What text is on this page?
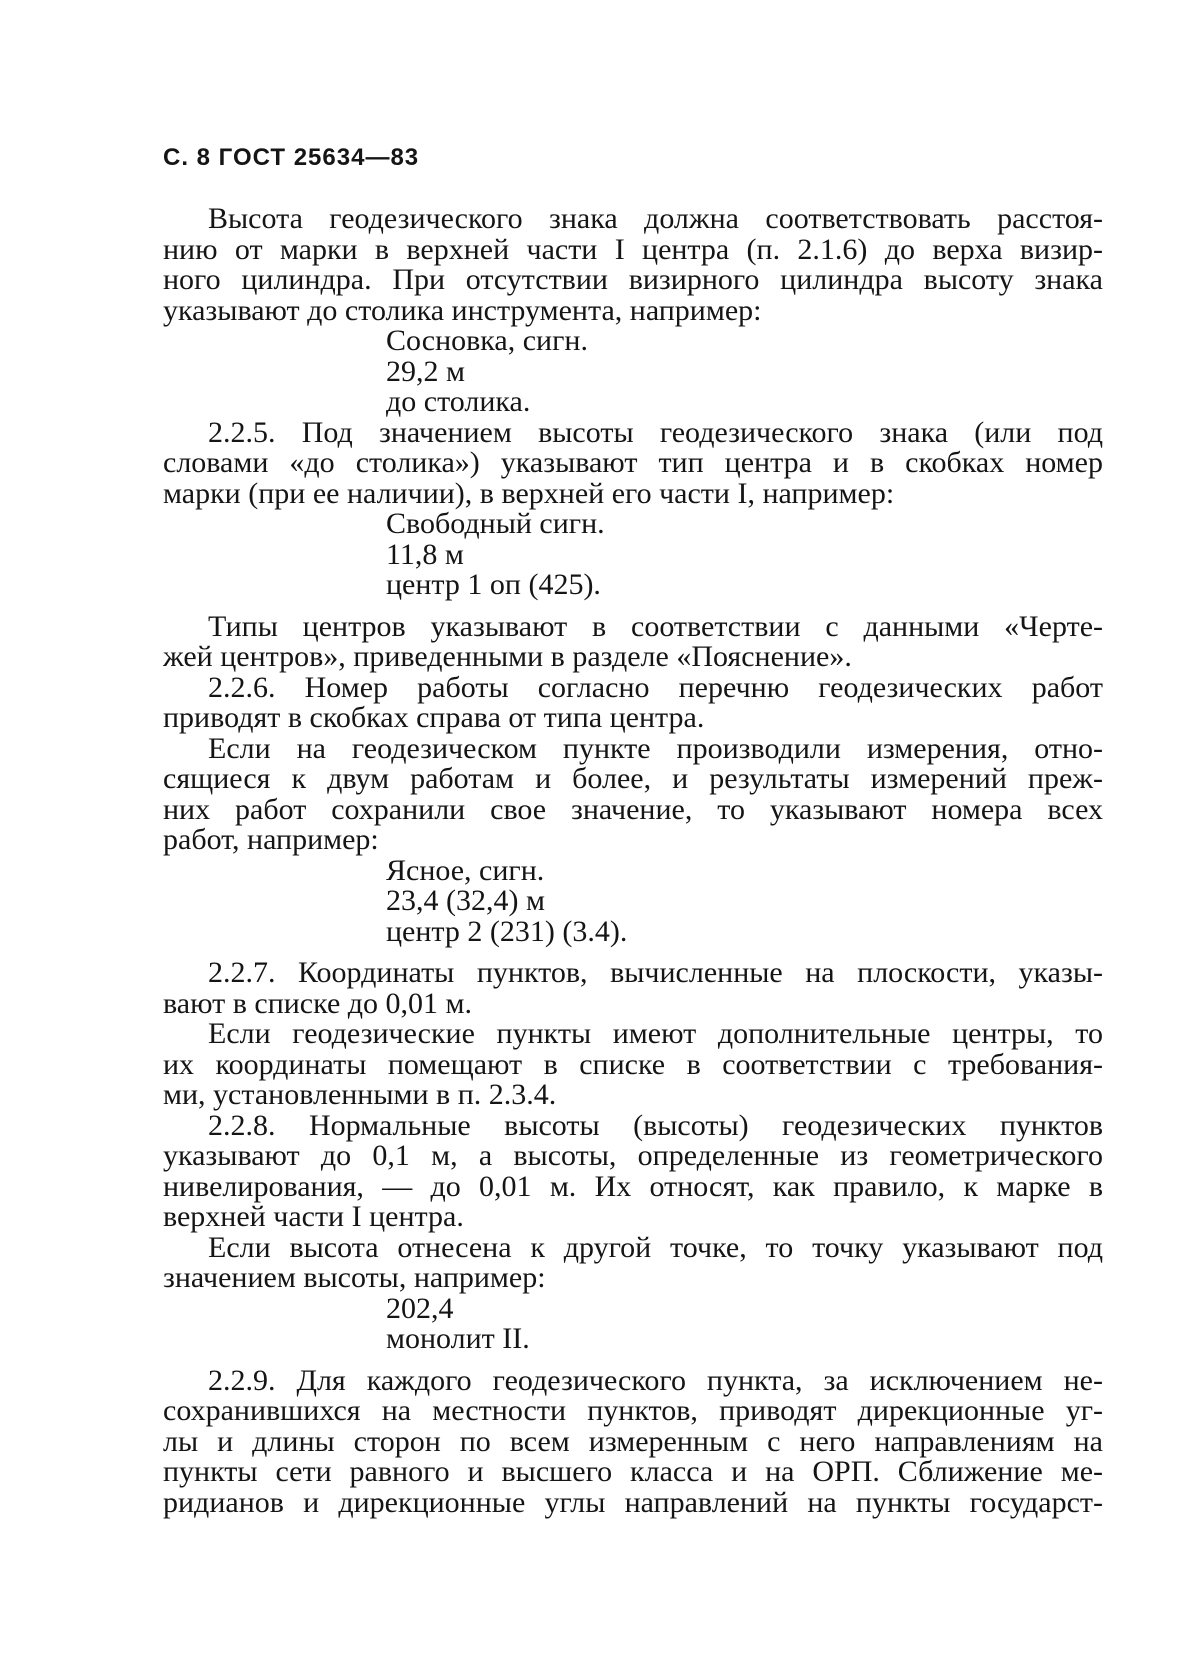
С. 8 ГОСТ 25634—83
Высота геодезического знака должна соответствовать расстоя-
нию от марки в верхней части I центра (п. 2.1.6) до верха визир-
ного цилиндра. При отсутствии визирного цилиндра высоту знака
указывают до столика инструмента, например:
Сосновка, сигн.
29,2 м
до столика.
2.2.5. Под значением высоты геодезического знака (или под
словами «до столика») указывают тип центра и в скобках номер
марки (при ее наличии), в верхней его части I, например:
Свободный сигн.
11,8 м
центр 1 оп (425).
Типы центров указывают в соответствии с данными «Черте-
жей центров», приведенными в разделе «Пояснение».
2.2.6. Номер работы согласно перечню геодезических работ
приводят в скобках справа от типа центра.
Если на геодезическом пункте производили измерения, отно-
сящиеся к двум работам и более, и результаты измерений преж-
них работ сохранили свое значение, то указывают номера всех
работ, например:
Ясное, сигн.
23,4 (32,4) м
центр 2 (231) (3.4).
2.2.7. Координаты пунктов, вычисленные на плоскости, указы-
вают в списке до 0,01 м.
Если геодезические пункты имеют дополнительные центры, то
их координаты помещают в списке в соответствии с требования-
ми, установленными в п. 2.3.4.
2.2.8. Нормальные высоты (высоты) геодезических пунктов
указывают до 0,1 м, а высоты, определенные из геометрического
нивелирования, — до 0,01 м. Их относят, как правило, к марке в
верхней части I центра.
Если высота отнесена к другой точке, то точку указывают под
значением высоты, например:
202,4
монолит II.
2.2.9. Для каждого геодезического пункта, за исключением не-
сохранившихся на местности пунктов, приводят дирекционные уг-
лы и длины сторон по всем измеренным с него направлениям на
пункты сети равного и высшего класса и на ОРП. Сближение ме-
ридианов и дирекционные углы направлений на пункты государст-
